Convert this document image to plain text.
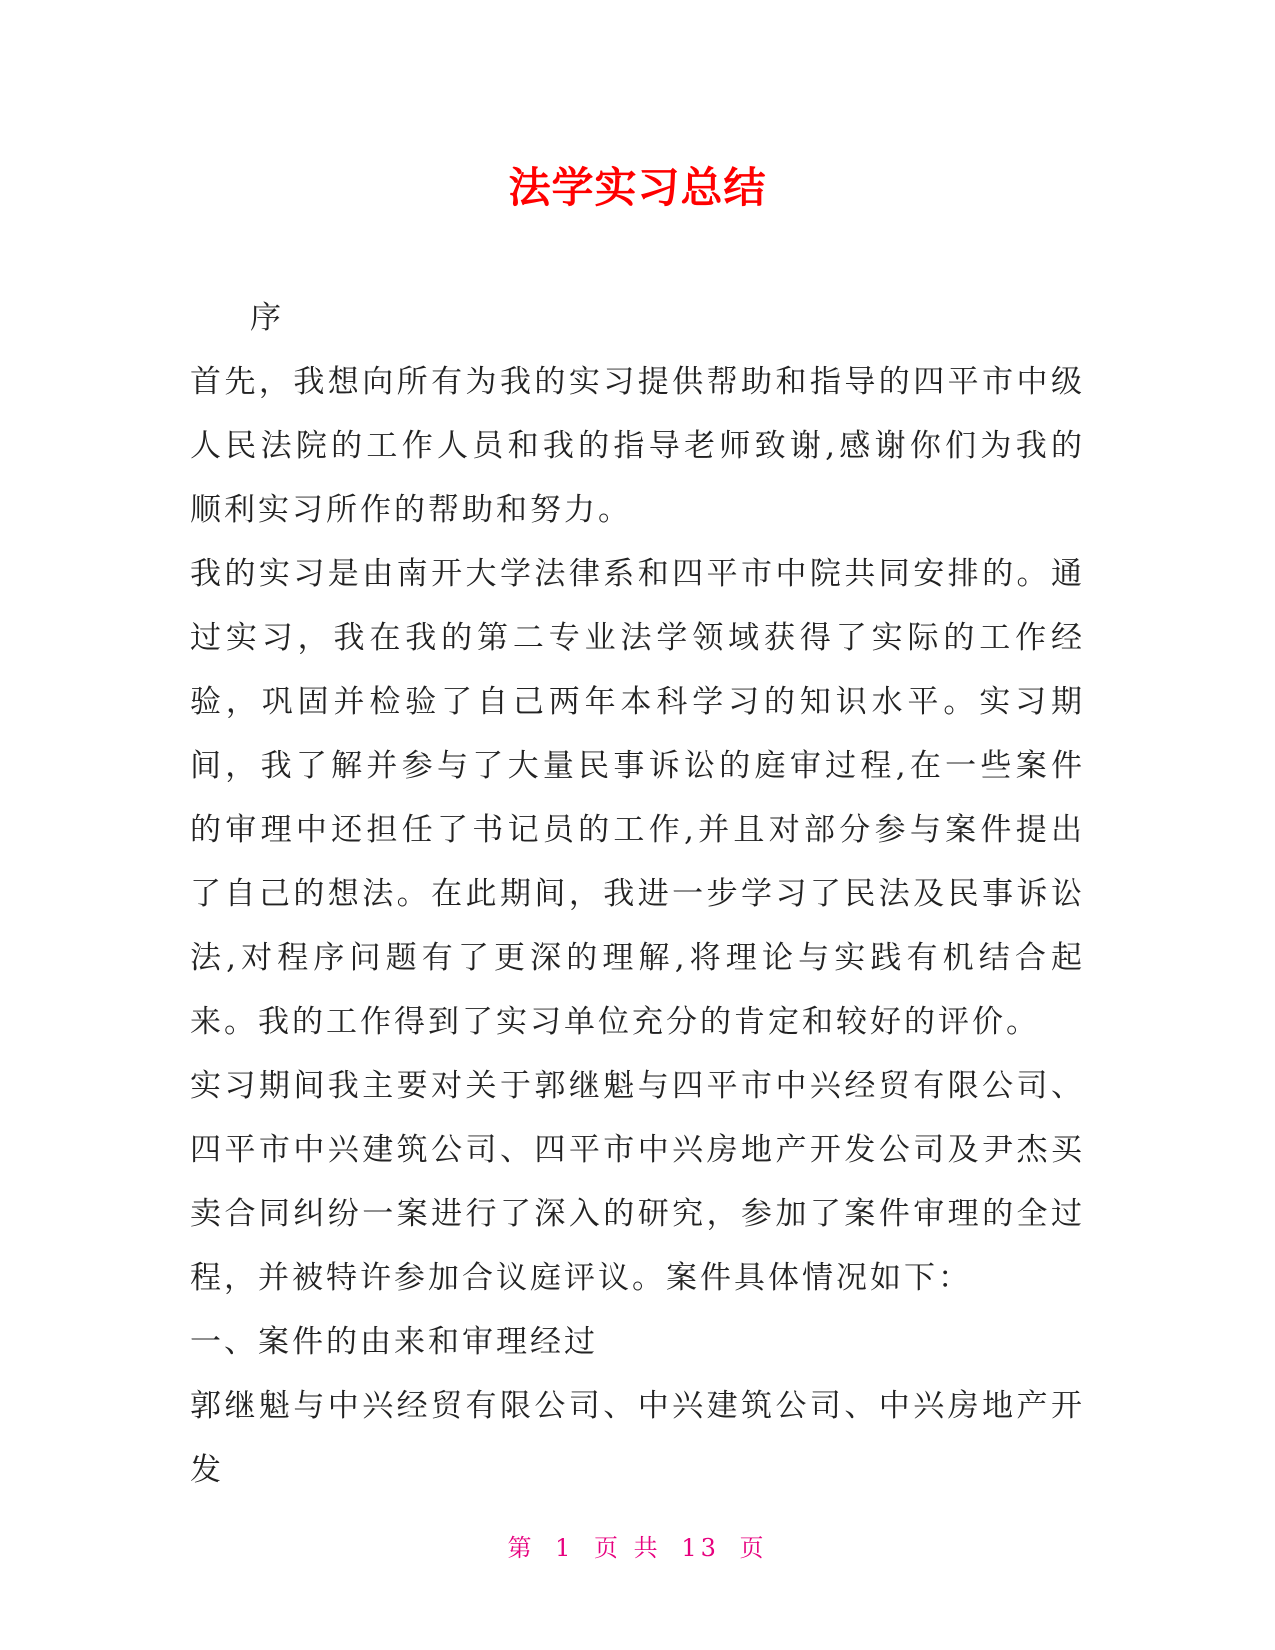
法学实习总结

序

首先，我想向所有为我的实习提供帮助和指导的四平市中级人民法院的工作人员和我的指导老师致谢,感谢你们为我的顺利实习所作的帮助和努力。

我的实习是由南开大学法律系和四平市中院共同安排的。通过实习，我在我的第二专业法学领域获得了实际的工作经验，巩固并检验了自己两年本科学习的知识水平。实习期间，我了解并参与了大量民事诉讼的庭审过程,在一些案件的审理中还担任了书记员的工作,并且对部分参与案件提出了自己的想法。在此期间，我进一步学习了民法及民事诉讼法,对程序问题有了更深的理解,将理论与实践有机结合起来。我的工作得到了实习单位充分的肯定和较好的评价。

实习期间我主要对关于郭继魁与四平市中兴经贸有限公司、四平市中兴建筑公司、四平市中兴房地产开发公司及尹杰买卖合同纠纷一案进行了深入的研究，参加了案件审理的全过程，并被特许参加合议庭评议。案件具体情况如下：

一、案件的由来和审理经过

郭继魁与中兴经贸有限公司、中兴建筑公司、中兴房地产开发

第 1 页 共 13 页
